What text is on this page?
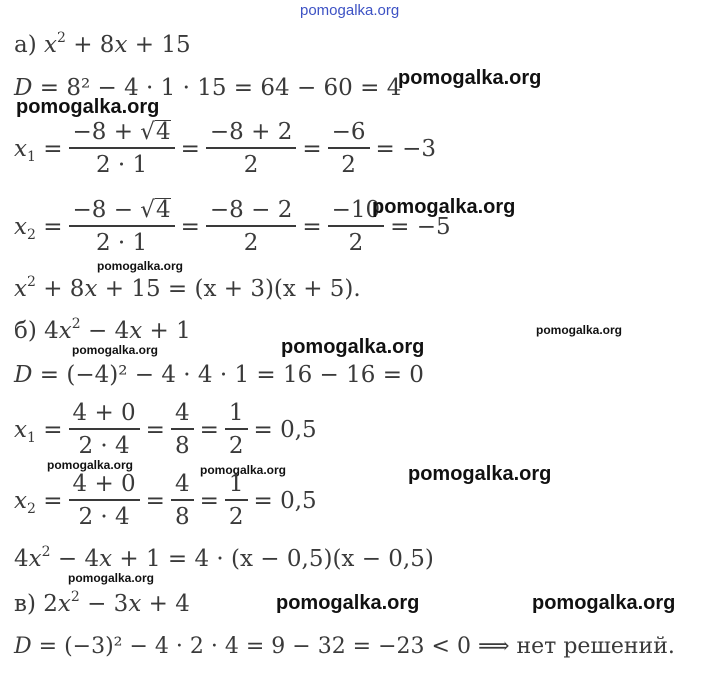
pomogalka.org
а) $x^2 + 8x + 15$
D = 8² − 4 · 1 · 15 = 64 − 60 = 4
pomogalka.org
pomogalka.org
$x_1 = \frac{-8 + √4}{2 \cdot 1} = \frac{-8 + 2}{2} = \frac{-6}{2} = -3$
$x_2 = \frac{-8 - √4}{2 \cdot 1} = \frac{-8 - 2}{2} = \frac{-10}{2} = -5$
pomogalka.org
pomogalka.org
$x^2 + 8x + 15 = (x + 3)(x + 5)$.
б) $4x^2 - 4x + 1$	pomogalka.org
pomogalka.org	pomogalka.org
D = (−4)² − 4 · 4 · 1 = 16 − 16 = 0
$x_1 = \frac{4 + 0}{2 \cdot 4} = \frac{4}{8} = \frac{1}{2} = 0,5$
pomogalka.org	pomogalka.org	pomogalka.org
$x_2 = \frac{4 + 0}{2 \cdot 4} = \frac{4}{8} = \frac{1}{2} = 0,5$
$4x^2 - 4x + 1 = 4 \cdot (x - 0,5)(x - 0,5)$
pomogalka.org
в) $2x^2 - 3x + 4$	pomogalka.org	pomogalka.org
D = (−3)² − 4 · 2 · 4 = 9 − 32 = −23 < 0 ⟹ нет решений.
